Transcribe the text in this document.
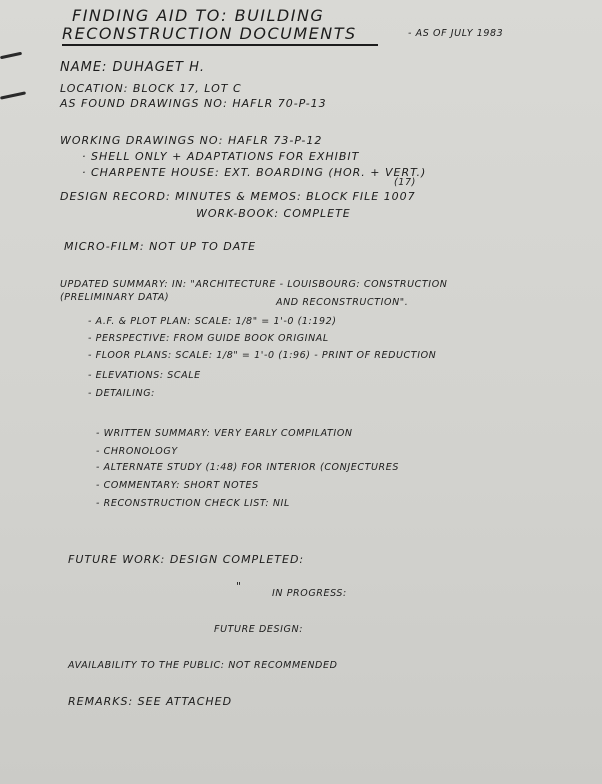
FINDING AID TO: BUILDING
RECONSTRUCTION DOCUMENTS	- AS OF JULY 1983
NAME: DUHAGET H.
LOCATION: BLOCK 17, LOT C
AS FOUND DRAWINGS NO: HAFLR 70-P-13
WORKING DRAWINGS NO: HAFLR 73-P-12
· SHELL ONLY + ADAPTATIONS FOR EXHIBIT
· CHARPENTE HOUSE: EXT. BOARDING (HOR. + VERT.)
DESIGN RECORD: MINUTES & MEMOS: BLOCK FILE 1007
(17)
WORK-BOOK: COMPLETE
MICRO-FILM: NOT UP TO DATE
UPDATED SUMMARY: IN: "ARCHITECTURE - LOUISBOURG: CONSTRUCTION
AND RECONSTRUCTION".
(PRELIMINARY DATA)
- A.F. & PLOT PLAN: SCALE: 1/8" = 1'-0 (1:192)
- PERSPECTIVE: FROM GUIDE BOOK ORIGINAL
- FLOOR PLANS: SCALE: 1/8" = 1'-0 (1:96) - PRINT OF REDUCTION
- ELEVATIONS: SCALE
- DETAILING:
- WRITTEN SUMMARY: VERY EARLY COMPILATION
- CHRONOLOGY
- ALTERNATE STUDY (1:48) FOR INTERIOR (CONJECTURES
- COMMENTARY: SHORT NOTES
- RECONSTRUCTION CHECK LIST: NIL
FUTURE WORK: DESIGN COMPLETED:
"
IN PROGRESS:
FUTURE DESIGN:
AVAILABILITY TO THE PUBLIC: NOT RECOMMENDED
REMARKS: SEE ATTACHED
